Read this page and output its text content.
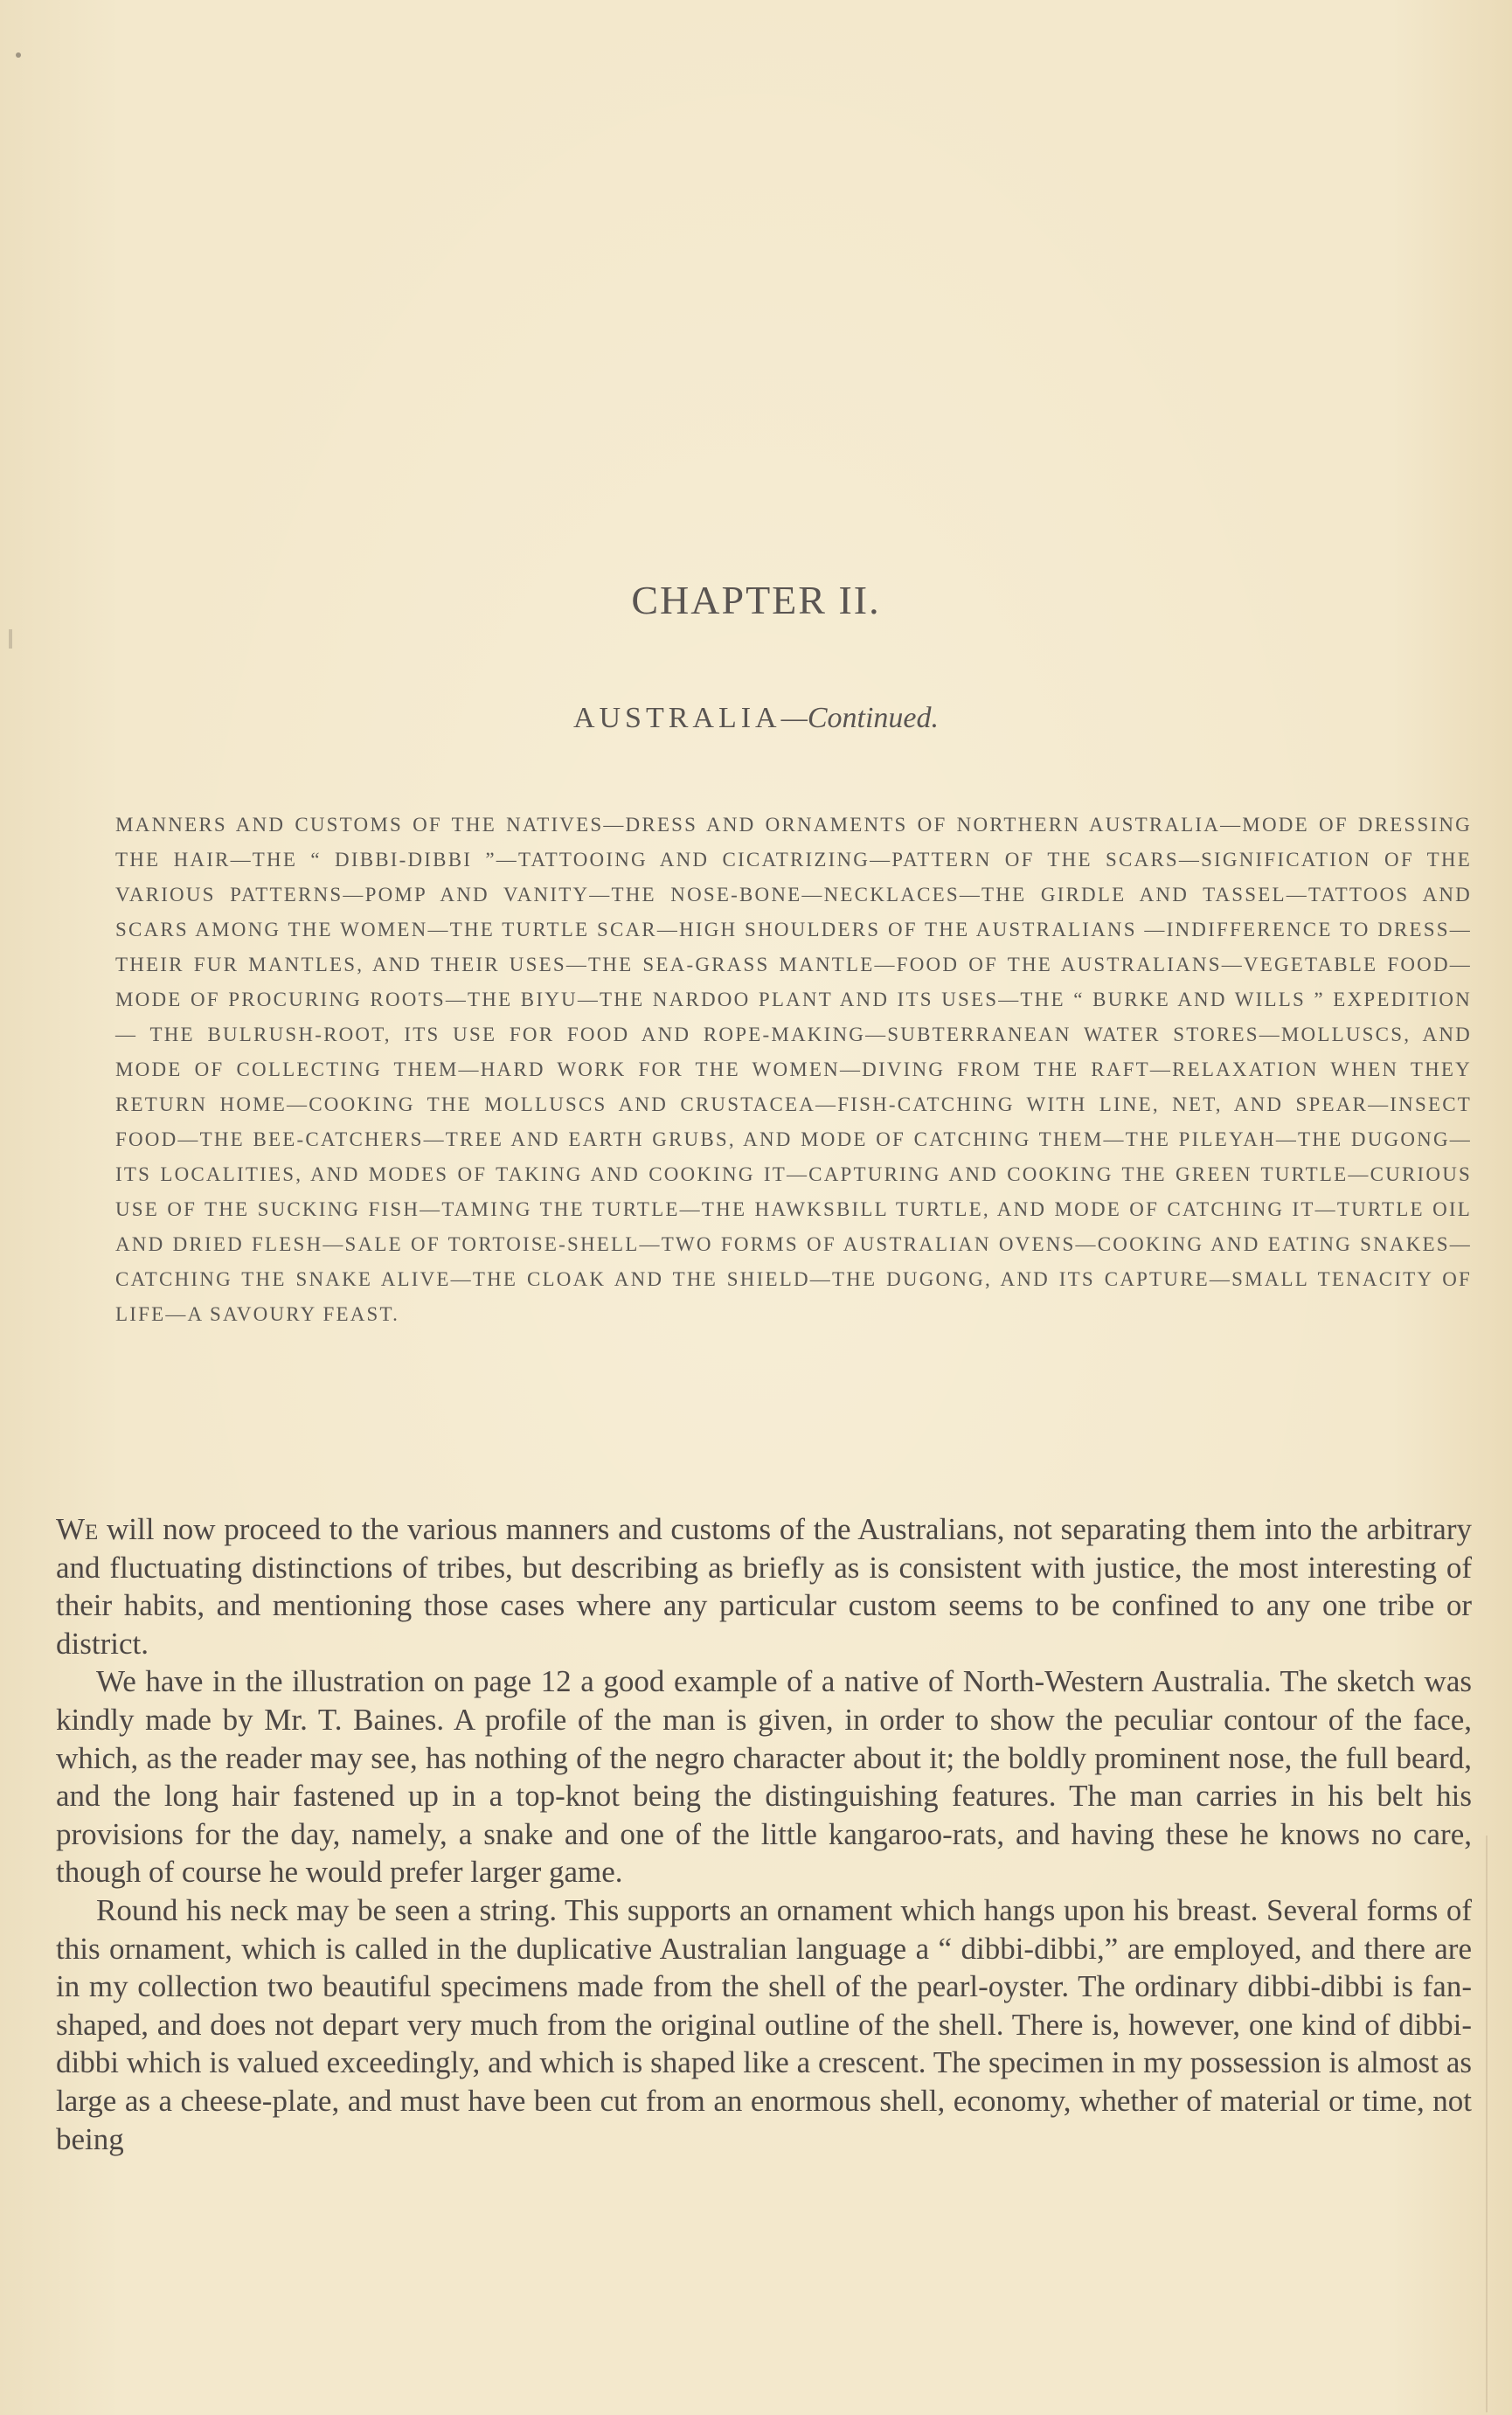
CHAPTER II.
AUSTRALIA—Continued.

MANNERS AND CUSTOMS OF THE NATIVES—DRESS AND ORNAMENTS OF NORTHERN AUSTRALIA—MODE OF DRESSING THE HAIR—THE “ DIBBI-DIBBI ”—TATTOOING AND CICATRIZING—PATTERN OF THE SCARS—SIGNIFICATION OF THE VARIOUS PATTERNS—POMP AND VANITY—THE NOSE-BONE—NECKLACES—THE GIRDLE AND TASSEL—TATTOOS AND SCARS AMONG THE WOMEN—THE TURTLE SCAR—HIGH SHOULDERS OF THE AUSTRALIANS —INDIFFERENCE TO DRESS—THEIR FUR MANTLES, AND THEIR USES—THE SEA-GRASS MANTLE—FOOD OF THE AUSTRALIANS—VEGETABLE FOOD—MODE OF PROCURING ROOTS—THE BIYU—THE NARDOO PLANT AND ITS USES—THE “ BURKE AND WILLS ” EXPEDITION — THE BULRUSH-ROOT, ITS USE FOR FOOD AND ROPE-MAKING—SUBTERRANEAN WATER STORES—MOLLUSCS, AND MODE OF COLLECTING THEM—HARD WORK FOR THE WOMEN—DIVING FROM THE RAFT—RELAXATION WHEN THEY RETURN HOME—COOKING THE MOLLUSCS AND CRUSTACEA—FISH-CATCHING WITH LINE, NET, AND SPEAR—INSECT FOOD—THE BEE-CATCHERS—TREE AND EARTH GRUBS, AND MODE OF CATCHING THEM—THE PILEYAH—THE DUGONG—ITS LOCALITIES, AND MODES OF TAKING AND COOKING IT—CAPTURING AND COOKING THE GREEN TURTLE—CURIOUS USE OF THE SUCKING FISH—TAMING THE TURTLE—THE HAWKSBILL TURTLE, AND MODE OF CATCHING IT—TURTLE OIL AND DRIED FLESH—SALE OF TORTOISE-SHELL—TWO FORMS OF AUSTRALIAN OVENS—COOKING AND EATING SNAKES—CATCHING THE SNAKE ALIVE—THE CLOAK AND THE SHIELD—THE DUGONG, AND ITS CAPTURE—SMALL TENACITY OF LIFE—A SAVOURY FEAST.

We will now proceed to the various manners and customs of the Australians, not separating them into the arbitrary and fluctuating distinctions of tribes, but describing as briefly as is consistent with justice, the most interesting of their habits, and mentioning those cases where any particular custom seems to be confined to any one tribe or district.

We have in the illustration on page 12 a good example of a native of North-Western Australia. The sketch was kindly made by Mr. T. Baines. A profile of the man is given, in order to show the peculiar contour of the face, which, as the reader may see, has nothing of the negro character about it; the boldly prominent nose, the full beard, and the long hair fastened up in a top-knot being the distinguishing features. The man carries in his belt his provisions for the day, namely, a snake and one of the little kangaroo-rats, and having these he knows no care, though of course he would prefer larger game.

Round his neck may be seen a string. This supports an ornament which hangs upon his breast. Several forms of this ornament, which is called in the duplicative Australian language a “ dibbi-dibbi,” are employed, and there are in my collection two beautiful specimens made from the shell of the pearl-oyster. The ordinary dibbi-dibbi is fan-shaped, and does not depart very much from the original outline of the shell. There is, however, one kind of dibbi-dibbi which is valued exceedingly, and which is shaped like a crescent. The specimen in my possession is almost as large as a cheese-plate, and must have been cut from an enormous shell, economy, whether of material or time, not being
